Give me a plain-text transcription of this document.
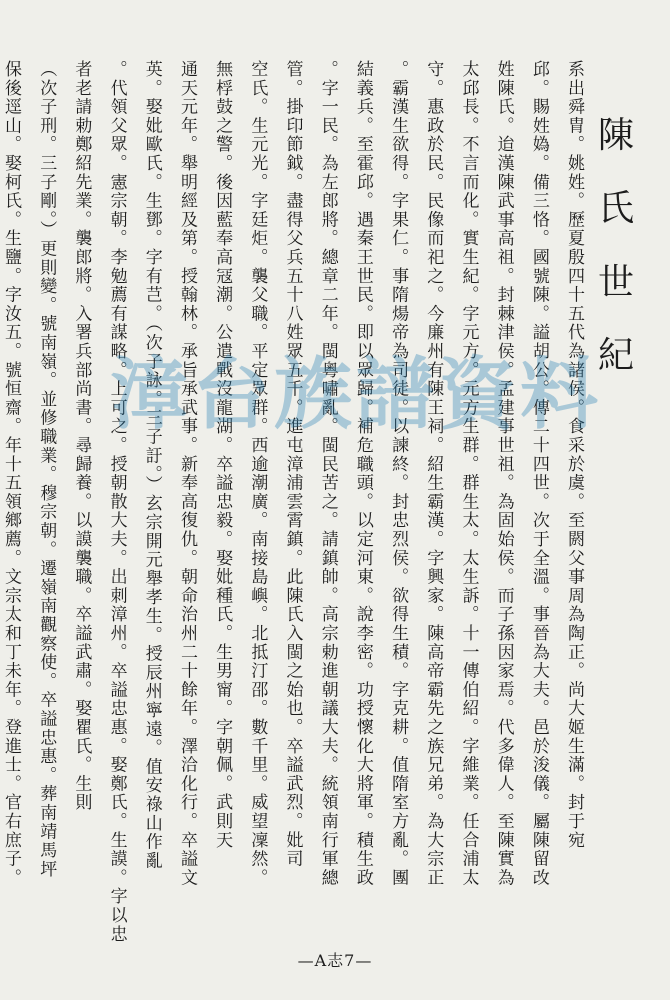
陳
氏
世
紀
系出舜胄。姚姓。歷夏殷四十五代為諸侯。食采於虞。至閼父事周為陶正。尚大姬生滿。封于宛
邱。賜姓媯。備三恪。國號陳。謚胡公。傳二十四世。次于全溫。事晉為大夫。邑於浚儀。屬陳留改
姓陳氏。迨漢陳武事高祖。封棘津侯。孟建事世祖。為固始侯。而子孫因家焉。代多偉人。至陳實為
太邱長。不言而化。實生紀。字元方。元方生群。群生太。太生訴。十一傳伯紹。字維業。任合浦太
守。惠政於民。民像而祀之。今廉州有陳王祠。紹生霸漢。字興家。陳高帝霸先之族兄弟。為大宗正
。霸漢生欲得。字果仁。事隋煬帝為司徒。以諫終。封忠烈侯。欲得生積。字克耕。值隋室方亂。團
結義兵。至霍邱。遇秦王世民。即以眾歸。補危職頭。以定河東。說李密。功授懷化大將軍。積生政
。字一民。為左郎將。總章二年。閩粵嘯亂。閩民苦之。請鎮帥。高宗勅進朝議大夫。統領南行軍總
管。掛印節鉞。盡得父兵五十八姓眾五千。進屯漳浦雲霄鎮。此陳氏入閩之始也。卒謚武烈。妣司
空氏。生元光。字廷炬。襲父職。平定眾群。西逾潮廣。南接島嶼。北抵汀邵。數千里。威望凜然。
無桴鼓之警。後因藍奉高冦潮。公遣戰沒龍湖。卒謚忠毅。娶妣種氏。生男甯。字朝佩。武則天
通天元年。舉明經及第。授翰林。承旨承武事。新奉高復仇。朝命治州二十餘年。澤洽化行。卒謚文
英。娶妣歐氏。生鄧。字有芑。（次子詠。三子訏。）玄宗開元舉孝生。授辰州寧遠。值安祿山作亂
。代領父眾。憲宗朝。李勉薦有謀略。上可之。授朝散大夫。出刺漳州。卒謚忠惠。娶鄭氏。生謨。字以忠
者老請勅鄭紹先業。襲郎將。入署兵部尚書。尋歸養。以謨襲職。卒謚武肅。娶瞿氏。生則
（次子刑。三子剛。）更則變。號南嶺。並修職業。穆宗朝。遷嶺南觀察使。卒謚忠惠。葬南靖馬坪
保後逕山。娶柯氏。生鹽。字汝五。號恒齋。年十五領鄉薦。文宗太和丁未年。登進士。官右庶子。 漳台族譜資料
—A志7—
